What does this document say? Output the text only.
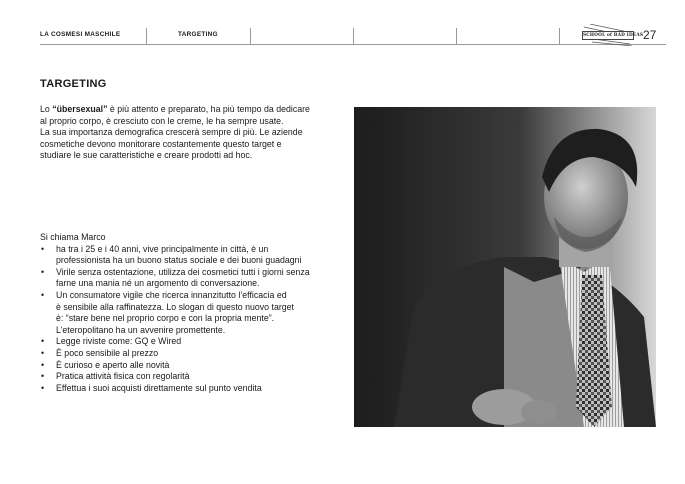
LA COSMESI MASCHILE	TARGETING	SCHOOL of BAD IDEAS 27
TARGETING
Lo “übersexual” è più attento e preparato, ha più tempo da dedicare
al proprio corpo, è cresciuto con le creme, le ha sempre usate.
La sua importanza demografica crescerà sempre di più. Le aziende
cosmetiche devono monitorare costantemente questo target e
studiare le sue caratteristiche e creare prodotti ad hoc.
Si chiama Marco
• ha tra i 25 e i 40 anni, vive principalmente in città, è un
professionista ha un buono status sociale e dei buoni guadagni
• Virile senza ostentazione, utilizza dei cosmetici tutti i giorni senza
farne una mania né un argomento di conversazione.
• Un consumatore vigile che ricerca innanzitutto l’efficacia ed
è sensibile alla raffinatezza. Lo slogan di questo nuovo target
è: “stare bene nel proprio corpo e con la propria mente”.
L’eteropolitano ha un avvenire promettente.
• Legge riviste come: GQ e Wired
• È poco sensibile al prezzo
• È curioso e aperto alle novità
• Pratica attività fisica con regolarità
• Effettua i suoi acquisti direttamente sul punto vendita
